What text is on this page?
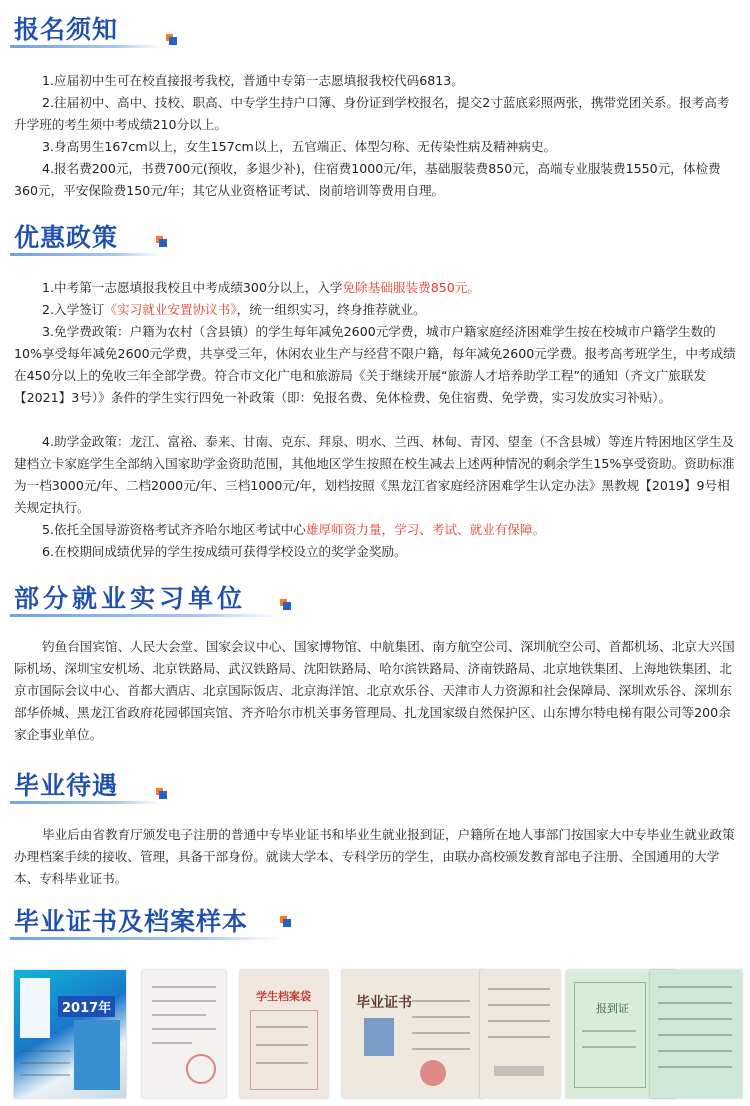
报名须知

1.应届初中生可在校直接报考我校，普通中专第一志愿填报我校代码6813。

2.往届初中、高中、技校、职高、中专学生持户口簿、身份证到学校报名，提交2寸蓝底彩照两张，携带党团关系。报考高考升学班的考生须中考成绩210分以上。

3.身高男生167cm以上，女生157cm以上，五官端正、体型匀称、无传染性病及精神病史。

4.报名费200元，书费700元(预收，多退少补)，住宿费1000元/年，基础服装费850元，高端专业服装费1550元，体检费360元，平安保险费150元/年；其它从业资格证考试、岗前培训等费用自理。

优惠政策

1.中考第一志愿填报我校且中考成绩300分以上，入学免除基础服装费850元。

2.入学签订《实习就业安置协议书》，统一组织实习，终身推荐就业。

3.免学费政策：户籍为农村（含县镇）的学生每年减免2600元学费，城市户籍家庭经济困难学生按在校城市户籍学生数的10%享受每年减免2600元学费，共享受三年，休闲农业生产与经营不限户籍，每年减免2600元学费。报考高考班学生，中考成绩在450分以上的免收三年全部学费。符合市文化广电和旅游局《关于继续开展“旅游人才培养助学工程”的通知（齐文广旅联发【2021】3号）》条件的学生实行四免一补政策（即：免报名费、免体检费、免住宿费、免学费，实习发放实习补贴）。

4.助学金政策：龙江、富裕、泰来、甘南、克东、拜泉、明水、兰西、林甸、青冈、望奎（不含县城）等连片特困地区学生及建档立卡家庭学生全部纳入国家助学金资助范围，其他地区学生按照在校生减去上述两种情况的剩余学生15%享受资助。资助标准为一档3000元/年、二档2000元/年、三档1000元/年，划档按照《黑龙江省家庭经济困难学生认定办法》黑教规【2019】9号相关规定执行。

5.依托全国导游资格考试齐齐哈尔地区考试中心雄厚师资力量，学习、考试、就业有保障。

6.在校期间成绩优异的学生按成绩可获得学校设立的奖学金奖励。

部分就业实习单位

钓鱼台国宾馆、人民大会堂、国家会议中心、国家博物馆、中航集团、南方航空公司、深圳航空公司、首都机场、北京大兴国际机场、深圳宝安机场、北京铁路局、武汉铁路局、沈阳铁路局、哈尔滨铁路局、济南铁路局、北京地铁集团、上海地铁集团、北京市国际会议中心、首都大酒店、北京国际饭店、北京海洋馆、北京欢乐谷、天津市人力资源和社会保障局、深圳欢乐谷、深圳东部华侨城、黑龙江省政府花园邨国宾馆、齐齐哈尔市机关事务管理局、扎龙国家级自然保护区、山东博尔特电梯有限公司等200余家企事业单位。

毕业待遇

毕业后由省教育厅颁发电子注册的普通中专毕业证书和毕业生就业报到证，户籍所在地人事部门按国家大中专毕业生就业政策办理档案手续的接收、管理，具备干部身份。就读大学本、专科学历的学生，由联办高校颁发教育部电子注册、全国通用的大学本、专科毕业证书。

毕业证书及档案样本
2017年
学生档案袋	毕业证书	报到证
